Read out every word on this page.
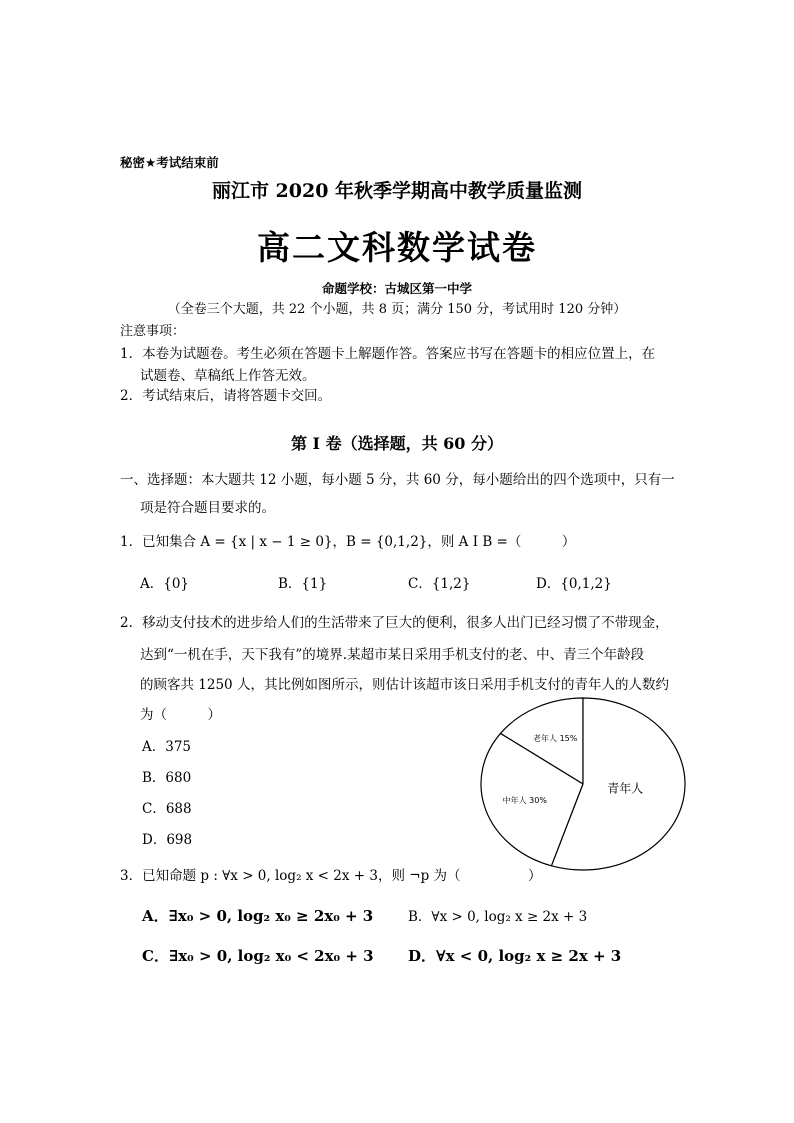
秘密★考试结束前
丽江市 2020 年秋季学期高中教学质量监测
高二文科数学试卷
命题学校：古城区第一中学
（全卷三个大题，共 22 个小题，共 8 页；满分 150 分，考试用时 120 分钟）
注意事项：
1．本卷为试题卷。考生必须在答题卡上解题作答。答案应书写在答题卡的相应位置上，在
试题卷、草稿纸上作答无效。
2．考试结束后，请将答题卡交回。
第 I 卷（选择题，共 60 分）
一、选择题：本大题共 12 小题，每小题 5 分，共 60 分，每小题给出的四个选项中，只有一
项是符合题目要求的。
1．已知集合 A = {x | x − 1 ≥ 0}，B = {0,1,2}，则 A I B =（　　　）
A．{0}	B．{1}	C．{1,2}	D．{0,1,2}
2．移动支付技术的进步给人们的生活带来了巨大的便利，很多人出门已经习惯了不带现金，
达到“一机在手，天下我有”的境界.某超市某日采用手机支付的老、中、青三个年龄段
的顾客共 1250 人，其比例如图所示，则估计该超市该日采用手机支付的青年人的人数约
为（　　　）
A．375
B．680
C．688
D．698
老年人 15%
中年人 30%
青年人
3．已知命题 p : ∀x > 0, log₂ x < 2x + 3，则 ¬p 为（　　　　　）
A．∃x₀ > 0, log₂ x₀ ≥ 2x₀ + 3	B．∀x > 0, log₂ x ≥ 2x + 3
C．∃x₀ > 0, log₂ x₀ < 2x₀ + 3 D．∀x < 0, log₂ x ≥ 2x + 3
